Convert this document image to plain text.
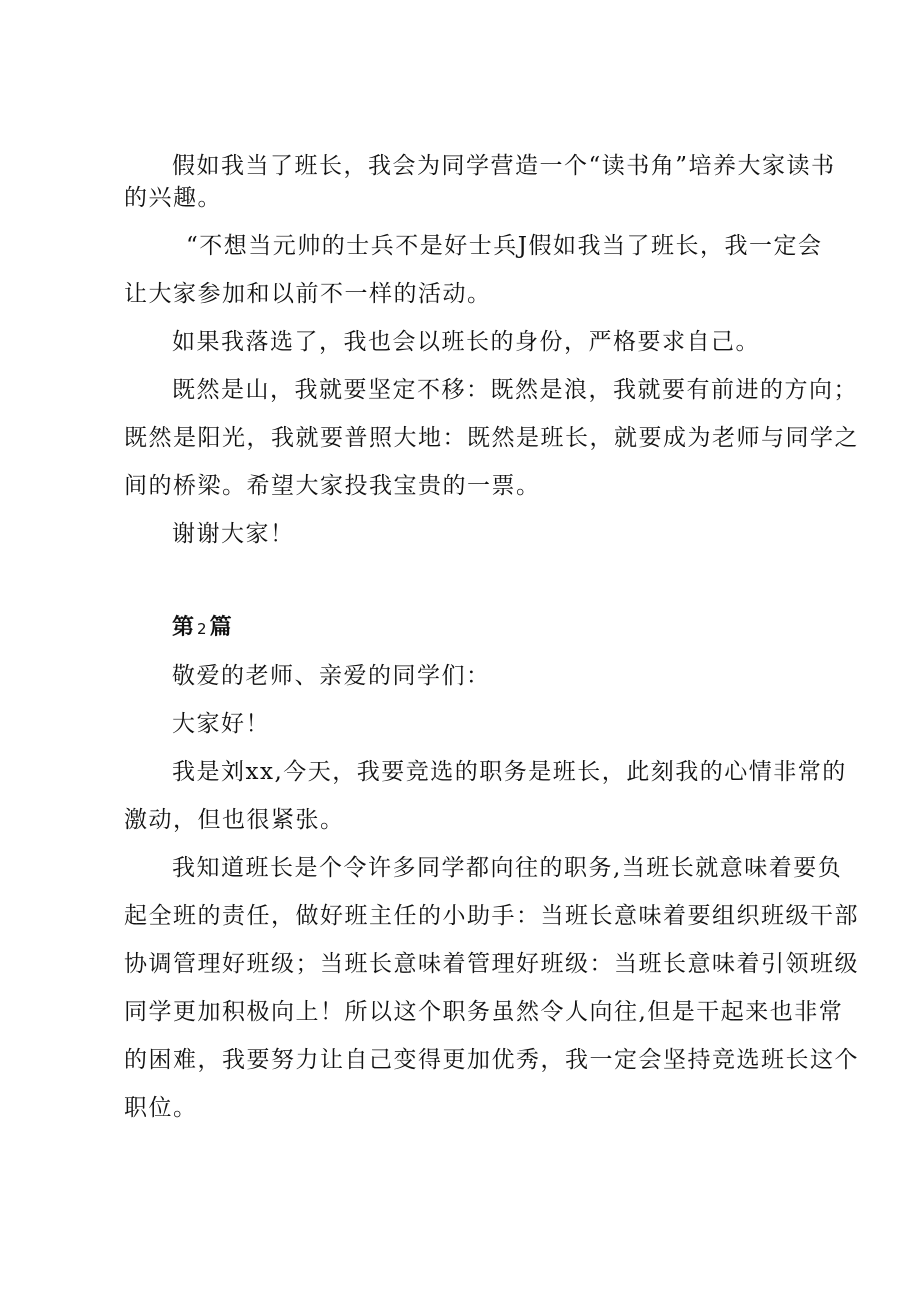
假如我当了班长，我会为同学营造一个“读书角”培养大家读书
的兴趣。
“不想当元帅的士兵不是好士兵J假如我当了班长，我一定会
让大家参加和以前不一样的活动。
如果我落选了，我也会以班长的身份，严格要求自己。
既然是山，我就要坚定不移：既然是浪，我就要有前进的方向；
既然是阳光，我就要普照大地：既然是班长，就要成为老师与同学之
间的桥梁。希望大家投我宝贵的一票。
谢谢大家！
第 2篇
敬爱的老师、亲爱的同学们：
大家好！
我是刘xx,今天，我要竞选的职务是班长，此刻我的心情非常的
激动，但也很紧张。
我知道班长是个令许多同学都向往的职务,当班长就意味着要负
起全班的责任，做好班主任的小助手：当班长意味着要组织班级干部
协调管理好班级；当班长意味着管理好班级：当班长意味着引领班级
同学更加积极向上！所以这个职务虽然令人向往,但是干起来也非常
的困难，我要努力让自己变得更加优秀，我一定会坚持竞选班长这个
职位。
